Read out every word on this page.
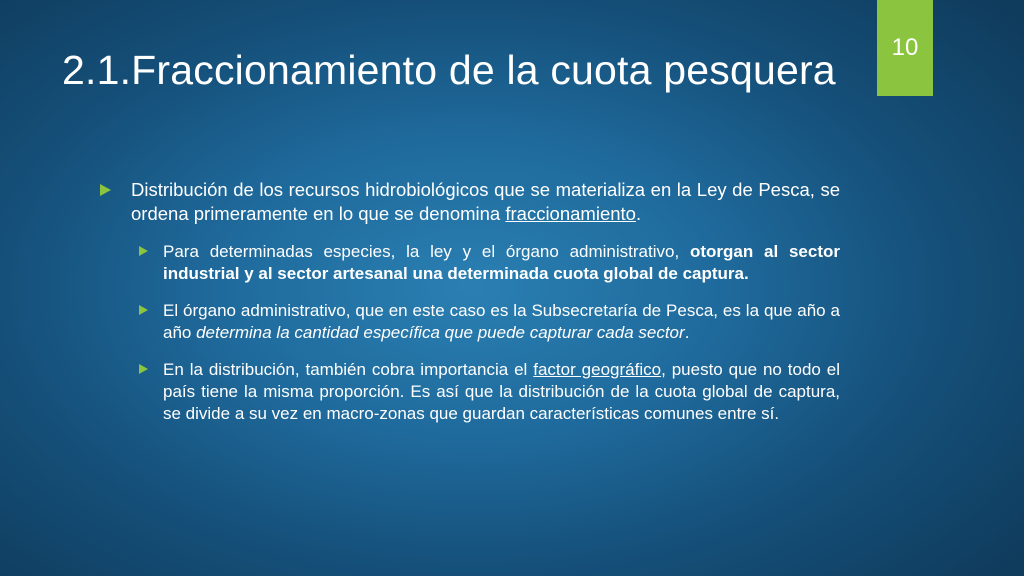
10
2.1.Fraccionamiento de la cuota pesquera
Distribución de los recursos hidrobiológicos que se materializa en la Ley de Pesca, se ordena primeramente en lo que se denomina fraccionamiento.
Para determinadas especies, la ley y el órgano administrativo, otorgan al sector industrial y al sector artesanal una determinada cuota global de captura.
El órgano administrativo, que en este caso es la Subsecretaría de Pesca, es la que año a año determina la cantidad específica que puede capturar cada sector.
En la distribución, también cobra importancia el factor geográfico, puesto que no todo el país tiene la misma proporción. Es así que la distribución de la cuota global de captura, se divide a su vez en macro-zonas que guardan características comunes entre sí.
